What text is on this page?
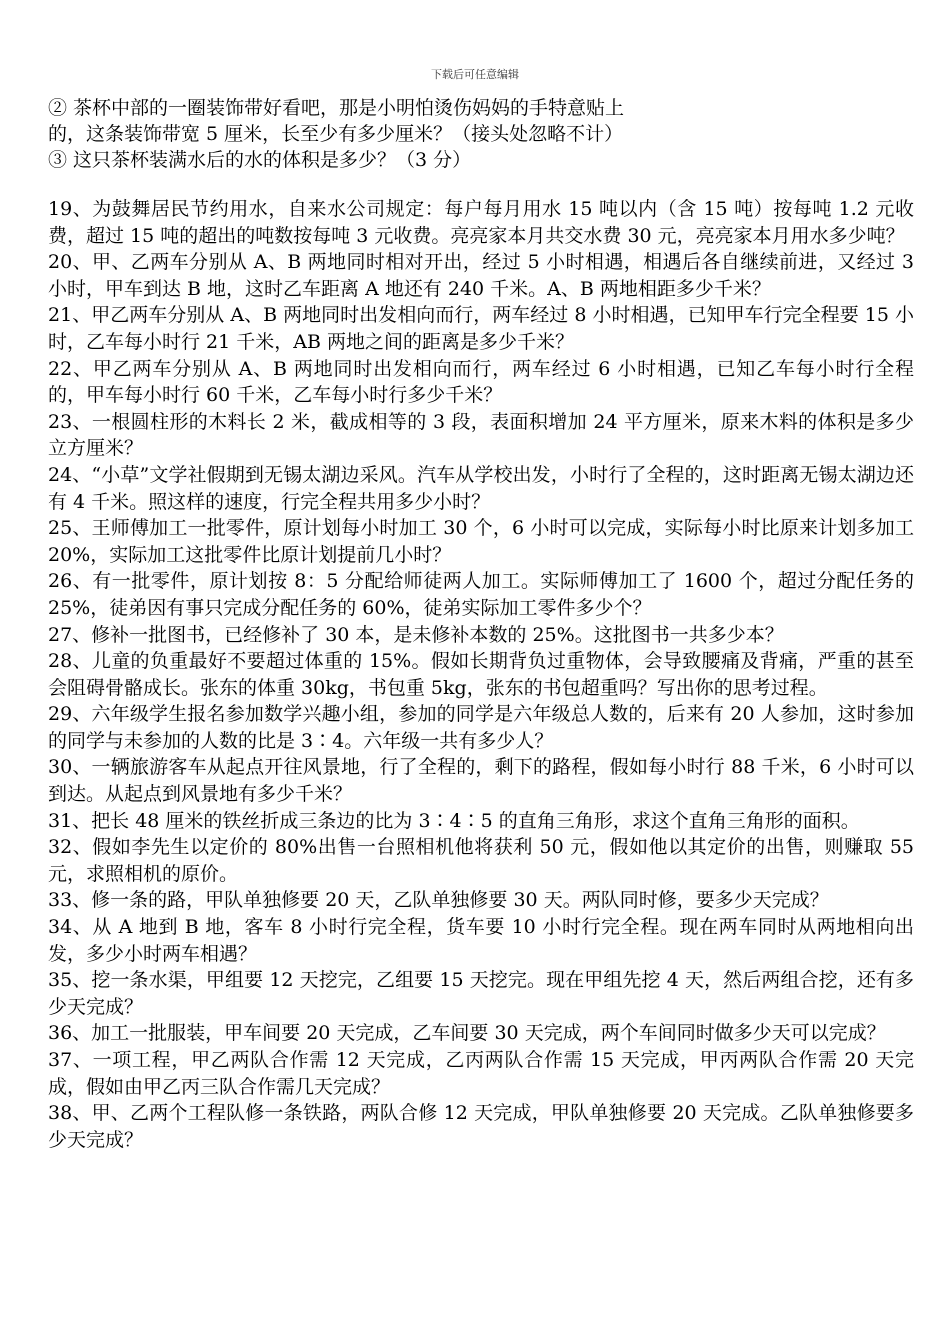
下载后可任意编辑

② 茶杯中部的一圈装饰带好看吧，那是小明怕烫伤妈妈的手特意贴上

的，这条装饰带宽 5 厘米，长至少有多少厘米？（接头处忽略不计）

③ 这只茶杯装满水后的水的体积是多少？（3 分）

19、为鼓舞居民节约用水，自来水公司规定：每户每月用水 15 吨以内（含 15 吨）按每吨 1.2 元收费，超过 15 吨的超出的吨数按每吨 3 元收费。亮亮家本月共交水费 30 元，亮亮家本月用水多少吨？

20、甲、乙两车分别从 A、B 两地同时相对开出，经过 5 小时相遇，相遇后各自继续前进，又经过 3 小时，甲车到达 B 地，这时乙车距离 A 地还有 240 千米。A、B 两地相距多少千米？

21、甲乙两车分别从 A、B 两地同时出发相向而行，两车经过 8 小时相遇，已知甲车行完全程要 15 小时，乙车每小时行 21 千米，AB 两地之间的距离是多少千米？

22、甲乙两车分别从 A、B 两地同时出发相向而行，两车经过 6 小时相遇，已知乙车每小时行全程的，甲车每小时行 60 千米，乙车每小时行多少千米？

23、一根圆柱形的木料长 2 米，截成相等的 3 段，表面积增加 24 平方厘米，原来木料的体积是多少立方厘米？

24、“小草”文学社假期到无锡太湖边采风。汽车从学校出发，小时行了全程的，这时距离无锡太湖边还有 4 千米。照这样的速度，行完全程共用多少小时？

25、王师傅加工一批零件，原计划每小时加工 30 个，6 小时可以完成，实际每小时比原来计划多加工 20%，实际加工这批零件比原计划提前几小时？

26、有一批零件，原计划按 8：5 分配给师徒两人加工。实际师傅加工了 1600 个，超过分配任务的 25%，徒弟因有事只完成分配任务的 60%，徒弟实际加工零件多少个？

27、修补一批图书，已经修补了 30 本，是未修补本数的 25%。这批图书一共多少本？

28、儿童的负重最好不要超过体重的 15%。假如长期背负过重物体，会导致腰痛及背痛，严重的甚至会阻碍骨骼成长。张东的体重 30kg，书包重 5kg，张东的书包超重吗？写出你的思考过程。

29、六年级学生报名参加数学兴趣小组，参加的同学是六年级总人数的，后来有 20 人参加，这时参加的同学与未参加的人数的比是 3∶4。六年级一共有多少人？

30、一辆旅游客车从起点开往风景地，行了全程的，剩下的路程，假如每小时行 88 千米，6 小时可以到达。从起点到风景地有多少千米？

31、把长 48 厘米的铁丝折成三条边的比为 3∶4∶5 的直角三角形，求这个直角三角形的面积。

32、假如李先生以定价的 80%出售一台照相机他将获利 50 元，假如他以其定价的出售，则赚取 55 元，求照相机的原价。

33、修一条的路，甲队单独修要 20 天，乙队单独修要 30 天。两队同时修，要多少天完成？

34、从 A 地到 B 地，客车 8 小时行完全程，货车要 10 小时行完全程。现在两车同时从两地相向出发，多少小时两车相遇？

35、挖一条水渠，甲组要 12 天挖完，乙组要 15 天挖完。现在甲组先挖 4 天，然后两组合挖，还有多少天完成？

36、加工一批服装，甲车间要 20 天完成，乙车间要 30 天完成，两个车间同时做多少天可以完成？

37、一项工程，甲乙两队合作需 12 天完成，乙丙两队合作需 15 天完成，甲丙两队合作需 20 天完成，假如由甲乙丙三队合作需几天完成？

38、甲、乙两个工程队修一条铁路，两队合修 12 天完成，甲队单独修要 20 天完成。乙队单独修要多少天完成？
